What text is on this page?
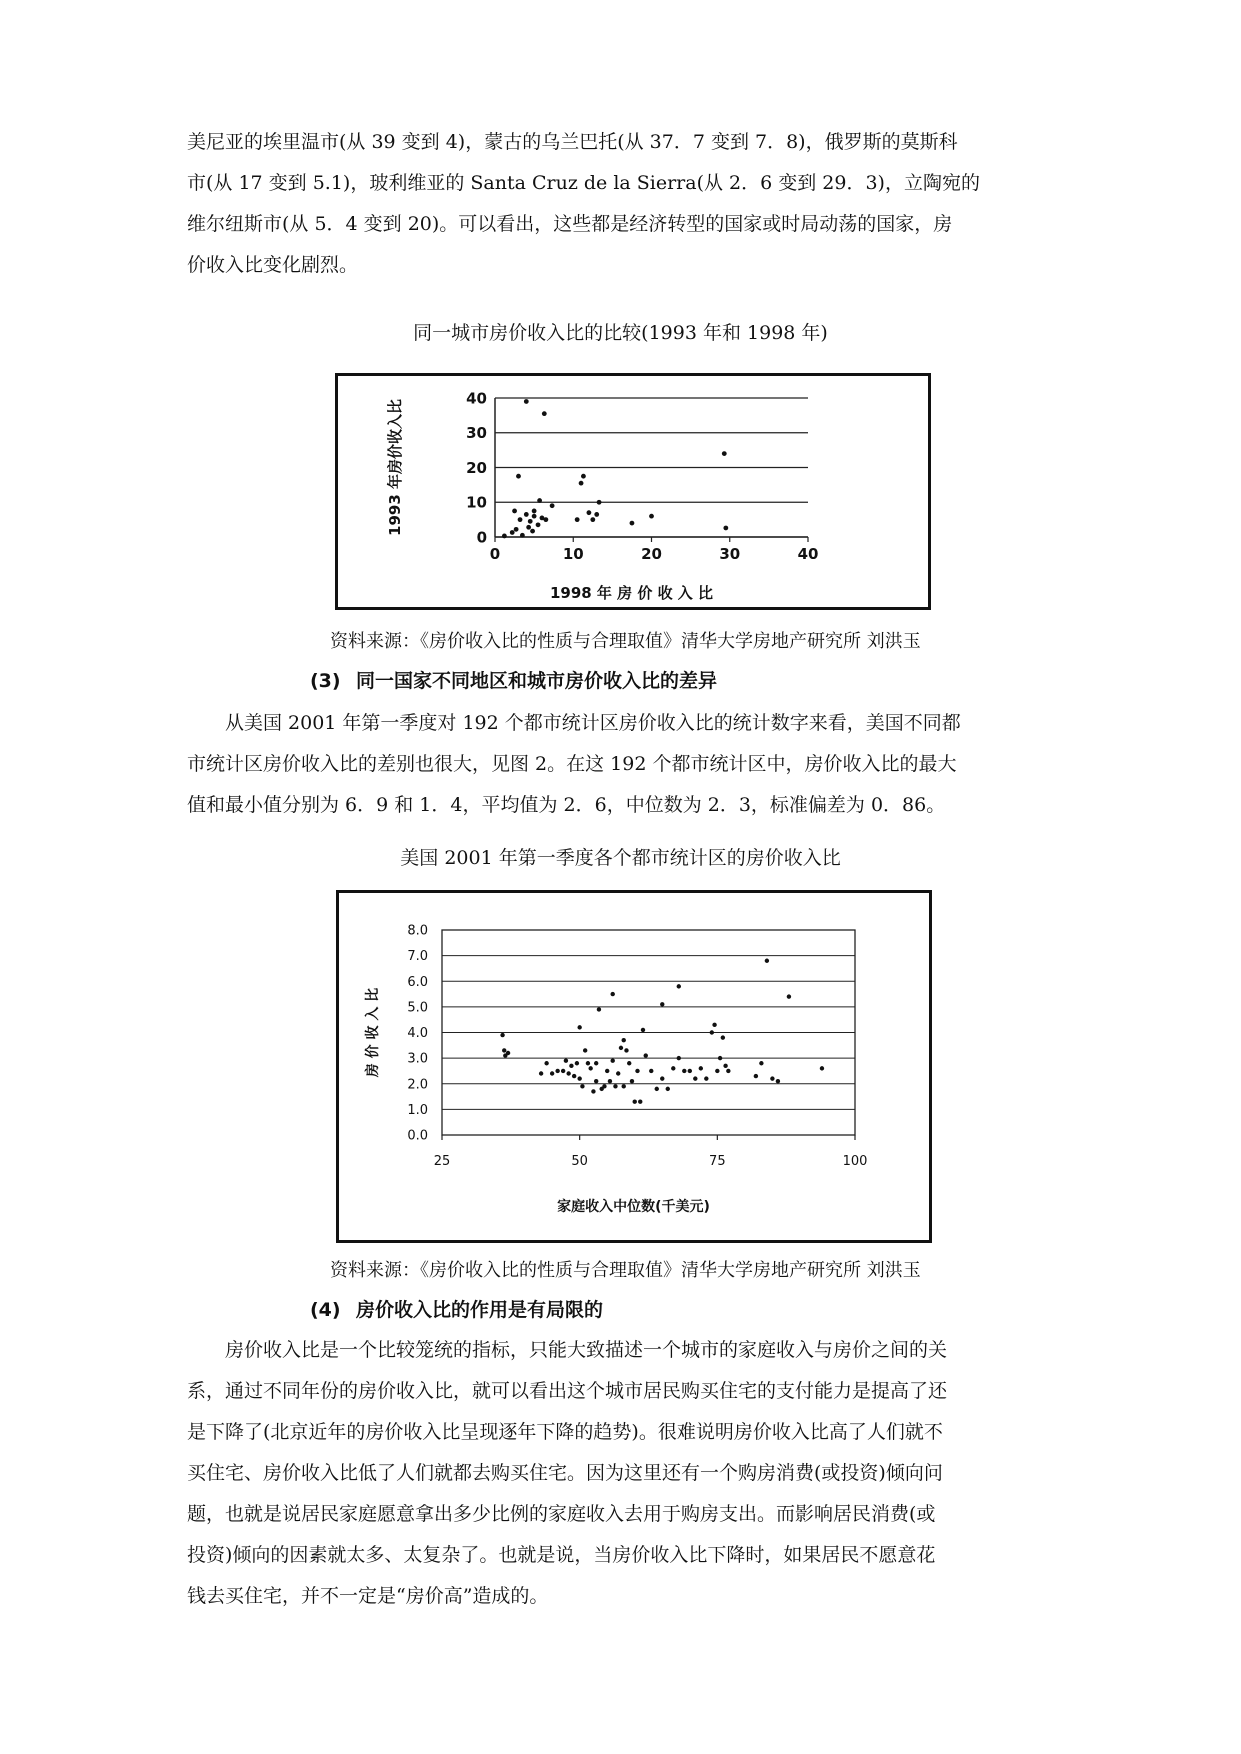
美尼亚的埃里温市(从 39 变到 4)，蒙古的乌兰巴托(从 37．7 变到 7．8)，俄罗斯的莫斯科
市(从 17 变到 5.1)，玻利维亚的 Santa Cruz de la Sierra(从 2．6 变到 29．3)，立陶宛的
维尔纽斯市(从 5．4 变到 20)。可以看出，这些都是经济转型的国家或时局动荡的国家，房
价收入比变化剧烈。

同一城市房价收入比的比较(1993 年和 1998 年)

0
10
20
30
40
0	10	20	30	40
1998 年 房 价 收 入 比
1993 年房价收入比

资料来源：《房价收入比的性质与合理取值》清华大学房地产研究所 刘洪玉

(3) 同一国家不同地区和城市房价收入比的差异

从美国 2001 年第一季度对 192 个都市统计区房价收入比的统计数字来看，美国不同都
市统计区房价收入比的差别也很大，见图 2。在这 192 个都市统计区中，房价收入比的最大
值和最小值分别为 6．9 和 1．4，平均值为 2．6，中位数为 2．3，标准偏差为 0．86。

美国 2001 年第一季度各个都市统计区的房价收入比

0.0
1.0
2.0
3.0
4.0
5.0
6.0
7.0
8.0
25	50	75	100
家庭收入中位数(千美元)
房 价 收 入 比

资料来源：《房价收入比的性质与合理取值》清华大学房地产研究所 刘洪玉

(4) 房价收入比的作用是有局限的

房价收入比是一个比较笼统的指标，只能大致描述一个城市的家庭收入与房价之间的关
系，通过不同年份的房价收入比，就可以看出这个城市居民购买住宅的支付能力是提高了还
是下降了(北京近年的房价收入比呈现逐年下降的趋势)。很难说明房价收入比高了人们就不
买住宅、房价收入比低了人们就都去购买住宅。因为这里还有一个购房消费(或投资)倾向问
题，也就是说居民家庭愿意拿出多少比例的家庭收入去用于购房支出。而影响居民消费(或
投资)倾向的因素就太多、太复杂了。也就是说，当房价收入比下降时，如果居民不愿意花
钱去买住宅，并不一定是“房价高”造成的。
